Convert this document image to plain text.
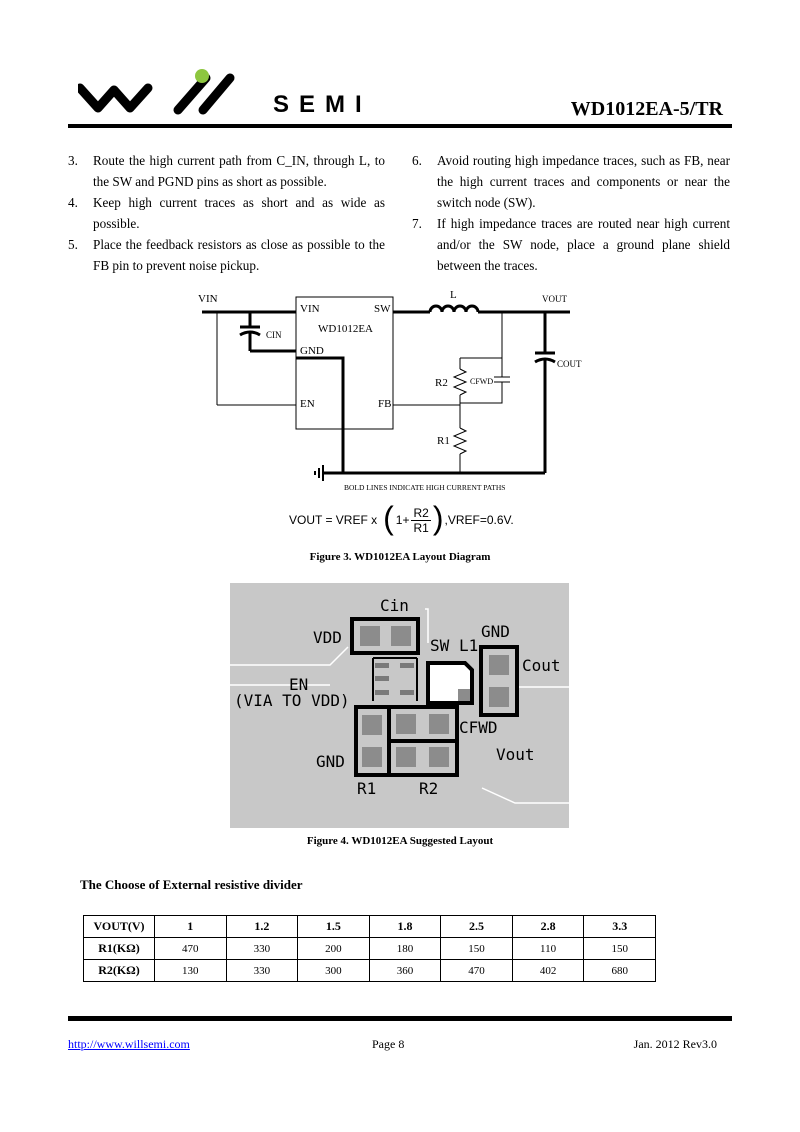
SEMI	WD1012EA-5/TR
3. Route the high current path from C_IN, through L, to the SW and PGND pins as short as possible.
4. Keep high current traces as short and as wide as possible.
5. Place the feedback resistors as close as possible to the FB pin to prevent noise pickup.
6. Avoid routing high impedance traces, such as FB, near the high current traces and components or near the switch node (SW).
7. If high impedance traces are routed near high current and/or the SW node, place a ground plane shield between the traces.
VIN
VIN	SW
WD1012EA
CIN
GND
EN	FB
L	VOUT
COUT
CFWD
R2
R1
BOLD LINES INDICATE HIGH CURRENT PATHS
VOUT = VREF x ( $1+ \frac{R2}{R1}$ ) ,VREF=0.6V.
Figure 3. WD1012EA Layout Diagram
Cin
VDD	SW L1
GND
Cout
EN
(VIA TO VDD)
CFWD
Vout
GND
R1	R2
Figure 4. WD1012EA Suggested Layout
The Choose of External resistive divider
VOUT(V)	1	1.2	1.5	1.8	2.5	2.8	3.3
R1(KΩ)	470	330	200	180	150	110	150
R2(KΩ)	130	330	300	360	470	402	680
http://www.willsemi.com	Page 8	Jan. 2012 Rev3.0
